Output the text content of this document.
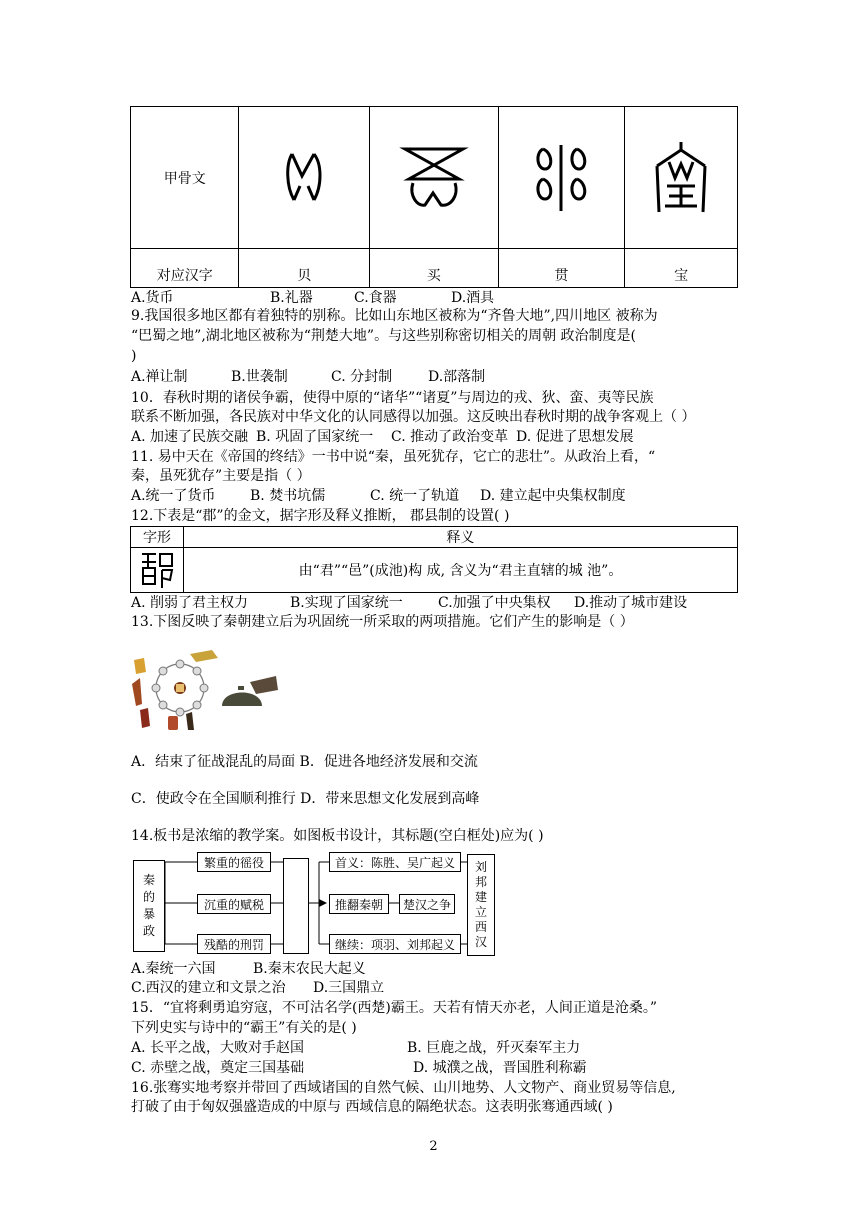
甲骨文	

对应汉字	贝	买	贯	宝
A.货币	B.礼器	C.食器	D.酒具
9.我国很多地区都有着独特的别称。比如山东地区被称为“齐鲁大地”,四川地区 被称为
“巴蜀之地”,湖北地区被称为“荆楚大地”。与这些别称密切相关的周朝 政治制度是(
)
A.禅让制	B.世袭制	C. 分封制	D.部落制
10．春秋时期的诸侯争霸，使得中原的“诸华”“诸夏”与周边的戎、狄、蛮、夷等民族
联系不断加强，各民族对中华文化的认同感得以加强。这反映出春秋时期的战争客观上（ ）
A. 加速了民族交融 B. 巩固了国家统一 C. 推动了政治变革 D. 促进了思想发展
11. 易中天在《帝国的终结》一书中说“秦，虽死犹存，它亡的悲壮”。从政治上看，“
秦，虽死犹存”主要是指（ ）
A.统一了货币 B. 焚书坑儒	C. 统一了轨道 D. 建立起中央集权制度
12.下表是“郡”的金文，据字形及释义推断， 郡县制的设置( )
字形	释义

	由“君”“邑”(成池)构 成, 含义为“君主直辖的城 池”。
A. 削弱了君主权力	B.实现了国家统一	C.加强了中央集权 D.推动了城市建设
13.下图反映了秦朝建立后为巩固统一所采取的两项措施。它们产生的影响是（ ）
A．结束了征战混乱的局面 B．促进各地经济发展和交流
C．使政令在全国顺利推行 D．带来思想文化发展到高峰
14.板书是浓缩的教学案。如图板书设计，其标题(空白框处)应为( )
秦
的
暴
政
繁重的徭役
沉重的赋税
残酷的刑罚
首义：陈胜、吴广起义
推翻秦朝	楚汉之争
继续：项羽、刘邦起义
刘
邦
建
立
西
汉
A.秦统一六国	B.秦末农民大起义
C.西汉的建立和文景之治 D.三国鼎立
15．“宜将剩勇追穷寇，不可沽名学(西楚)霸王。天若有情天亦老，人间正道是沧桑。”
下列史实与诗中的“霸王”有关的是( )
A. 长平之战，大败对手赵国	B. 巨鹿之战，歼灭秦军主力
C. 赤壁之战，奠定三国基础	D. 城濮之战，晋国胜利称霸
16.张骞实地考察并带回了西域诸国的自然气候、山川地势、人文物产、商业贸易等信息,
打破了由于匈奴强盛造成的中原与 西域信息的隔绝状态。这表明张骞通西域( )
2
